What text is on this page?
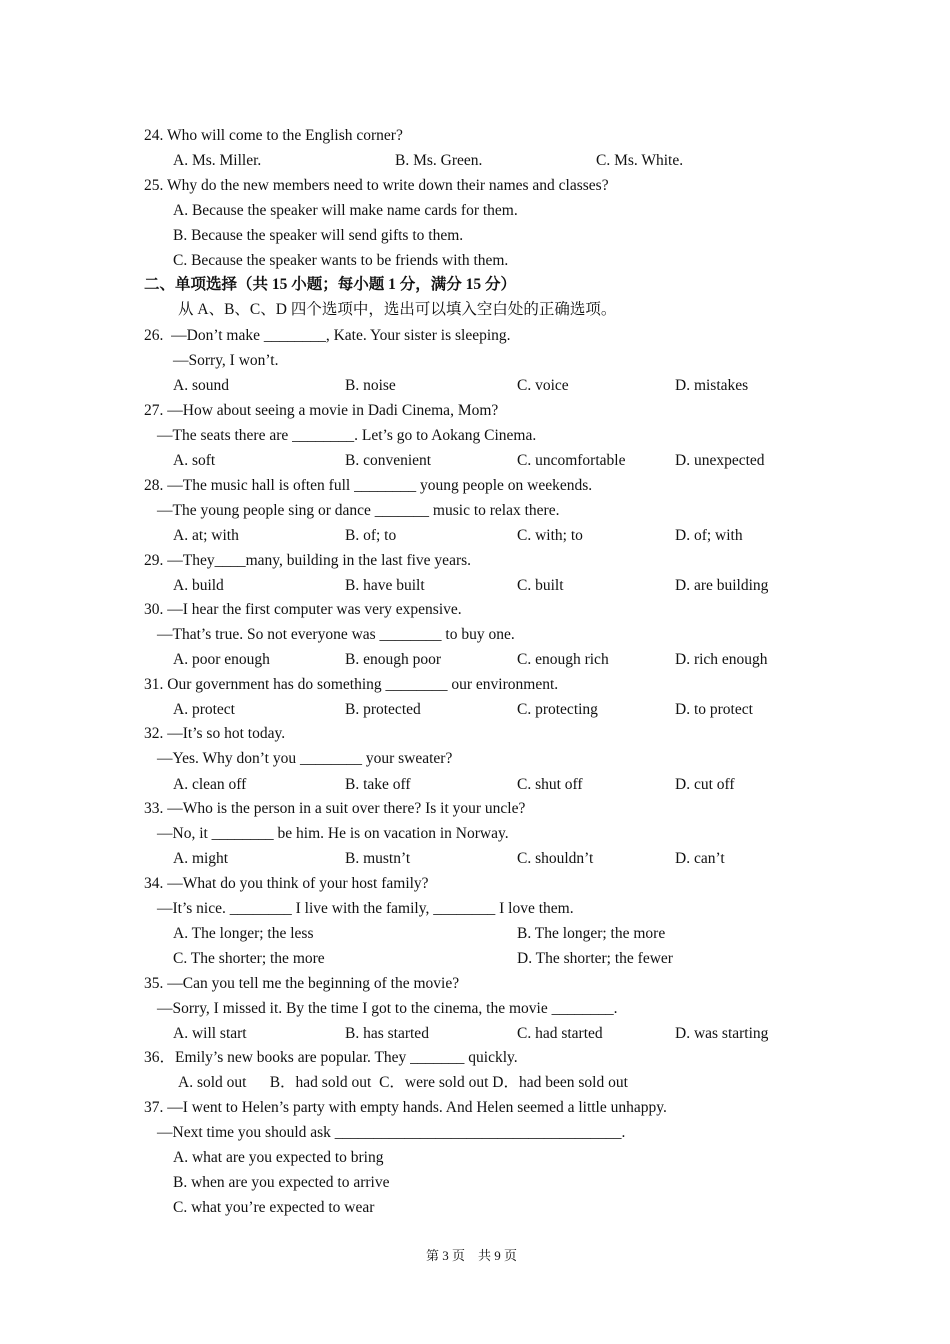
24. Who will come to the English corner?
A. Ms. Miller.	B. Ms. Green.	C. Ms. White.
25. Why do the new members need to write down their names and classes?
A. Because the speaker will make name cards for them.
B. Because the speaker will send gifts to them.
C. Because the speaker wants to be friends with them.
二、单项选择（共 15 小题；每小题 1 分，满分 15 分）
从 A、B、C、D 四个选项中，选出可以填入空白处的正确选项。
26.  —Don’t make ________, Kate. Your sister is sleeping.
—Sorry, I won’t.
A. sound	B. noise	C. voice	D. mistakes
27. —How about seeing a movie in Dadi Cinema, Mom?
—The seats there are ________. Let’s go to Aokang Cinema.
A. soft	B. convenient	C. uncomfortable	D. unexpected
28. —The music hall is often full ________ young people on weekends.
—The young people sing or dance _______ music to relax there.
A. at; with	B. of; to	C. with; to	D. of; with
29. —They____many, building in the last five years.
A. build	B. have built	C. built	D. are building
30. —I hear the first computer was very expensive.
—That’s true. So not everyone was ________ to buy one.
A. poor enough	B. enough poor	C. enough rich	D. rich enough
31. Our government has do something ________ our environment.
A. protect	B. protected	C. protecting	D. to protect
32. —It’s so hot today.
—Yes. Why don’t you ________ your sweater?
A. clean off	B. take off	C. shut off	D. cut off
33. —Who is the person in a suit over there? Is it your uncle?
—No, it ________ be him. He is on vacation in Norway.
A. might	B. mustn’t	C. shouldn’t	D. can’t
34. —What do you think of your host family?
—It’s nice. ________ I live with the family, ________ I love them.
A. The longer; the less	B. The longer; the more
C. The shorter; the more	D. The shorter; the fewer
35. —Can you tell me the beginning of the movie?
—Sorry, I missed it. By the time I got to the cinema, the movie ________.
A. will start	B. has started	C. had started	D. was starting
36．Emily’s new books are popular. They _______ quickly.
A. sold out      B．had sold out  C．were sold out D．had been sold out
37. —I went to Helen’s party with empty hands. And Helen seemed a little unhappy.
—Next time you should ask _____________________________________.
A. what are you expected to bring
B. when are you expected to arrive
C. what you’re expected to wear
第 3 页    共 9 页
